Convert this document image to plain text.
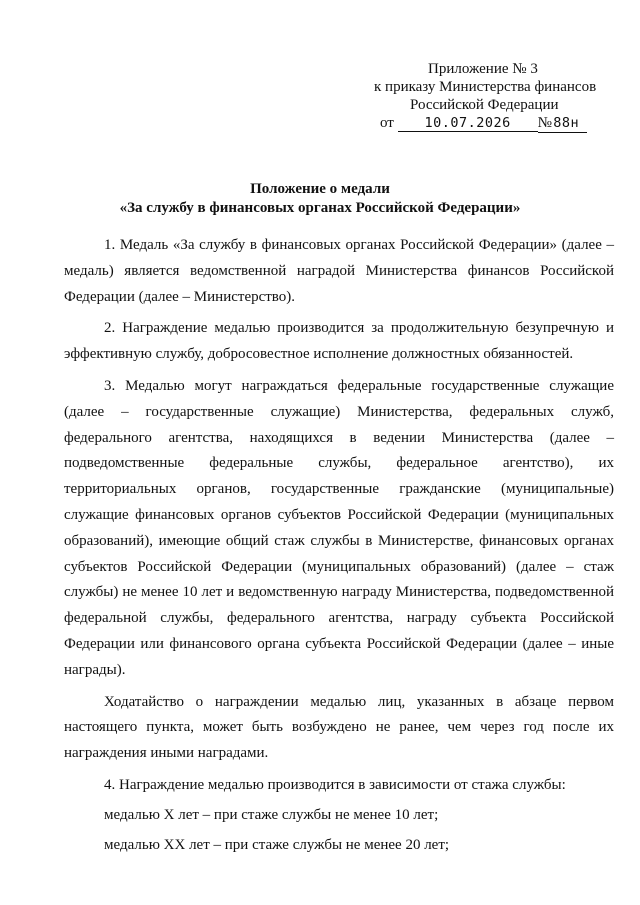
Приложение № 3
к приказу Министерства финансов
Российской Федерации
от 10.07.2026 № 88н
Положение о медали
«За службу в финансовых органах Российской Федерации»

1. Медаль «За службу в финансовых органах Российской Федерации» (далее – медаль) является ведомственной наградой Министерства финансов Российской Федерации (далее – Министерство).

2. Награждение медалью производится за продолжительную безупречную и эффективную службу, добросовестное исполнение должностных обязанностей.

3. Медалью могут награждаться федеральные государственные служащие (далее – государственные служащие) Министерства, федеральных служб, федерального агентства, находящихся в ведении Министерства (далее – подведомственные федеральные службы, федеральное агентство), их территориальных органов, государственные гражданские (муниципальные) служащие финансовых органов субъектов Российской Федерации (муниципальных образований), имеющие общий стаж службы в Министерстве, финансовых органах субъектов Российской Федерации (муниципальных образований) (далее – стаж службы) не менее 10 лет и ведомственную награду Министерства, подведомственной федеральной службы, федерального агентства, награду субъекта Российской Федерации или финансового органа субъекта Российской Федерации (далее – иные награды).

Ходатайство о награждении медалью лиц, указанных в абзаце первом настоящего пункта, может быть возбуждено не ранее, чем через год после их награждения иными наградами.

4. Награждение медалью производится в зависимости от стажа службы:

медалью X лет – при стаже службы не менее 10 лет;

медалью XX лет – при стаже службы не менее 20 лет;
